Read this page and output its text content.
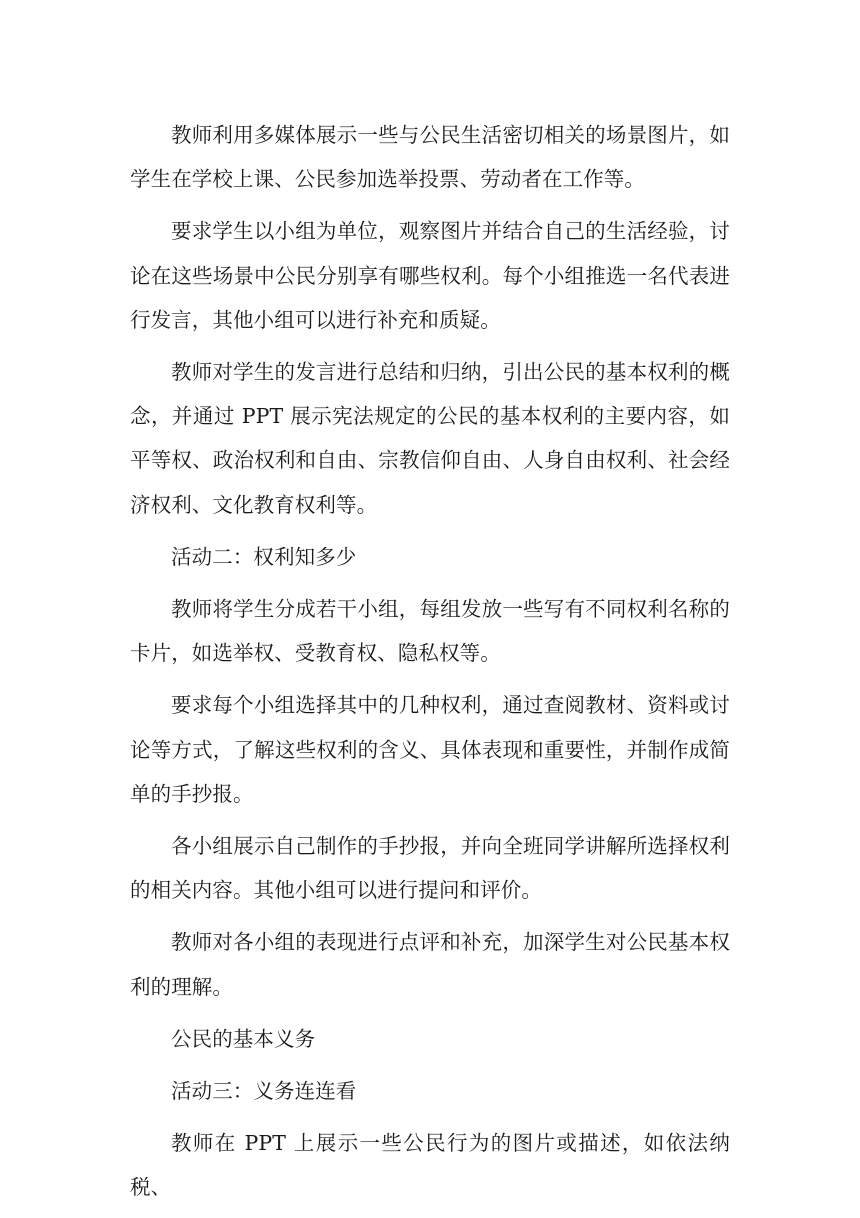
教师利用多媒体展示一些与公民生活密切相关的场景图片，如学生在学校上课、公民参加选举投票、劳动者在工作等。

要求学生以小组为单位，观察图片并结合自己的生活经验，讨论在这些场景中公民分别享有哪些权利。每个小组推选一名代表进行发言，其他小组可以进行补充和质疑。

教师对学生的发言进行总结和归纳，引出公民的基本权利的概念，并通过 PPT 展示宪法规定的公民的基本权利的主要内容，如平等权、政治权利和自由、宗教信仰自由、人身自由权利、社会经济权利、文化教育权利等。

活动二：权利知多少

教师将学生分成若干小组，每组发放一些写有不同权利名称的卡片，如选举权、受教育权、隐私权等。

要求每个小组选择其中的几种权利，通过查阅教材、资料或讨论等方式，了解这些权利的含义、具体表现和重要性，并制作成简单的手抄报。

各小组展示自己制作的手抄报，并向全班同学讲解所选择权利的相关内容。其他小组可以进行提问和评价。

教师对各小组的表现进行点评和补充，加深学生对公民基本权利的理解。

公民的基本义务

活动三：义务连连看

教师在 PPT 上展示一些公民行为的图片或描述，如依法纳税、
